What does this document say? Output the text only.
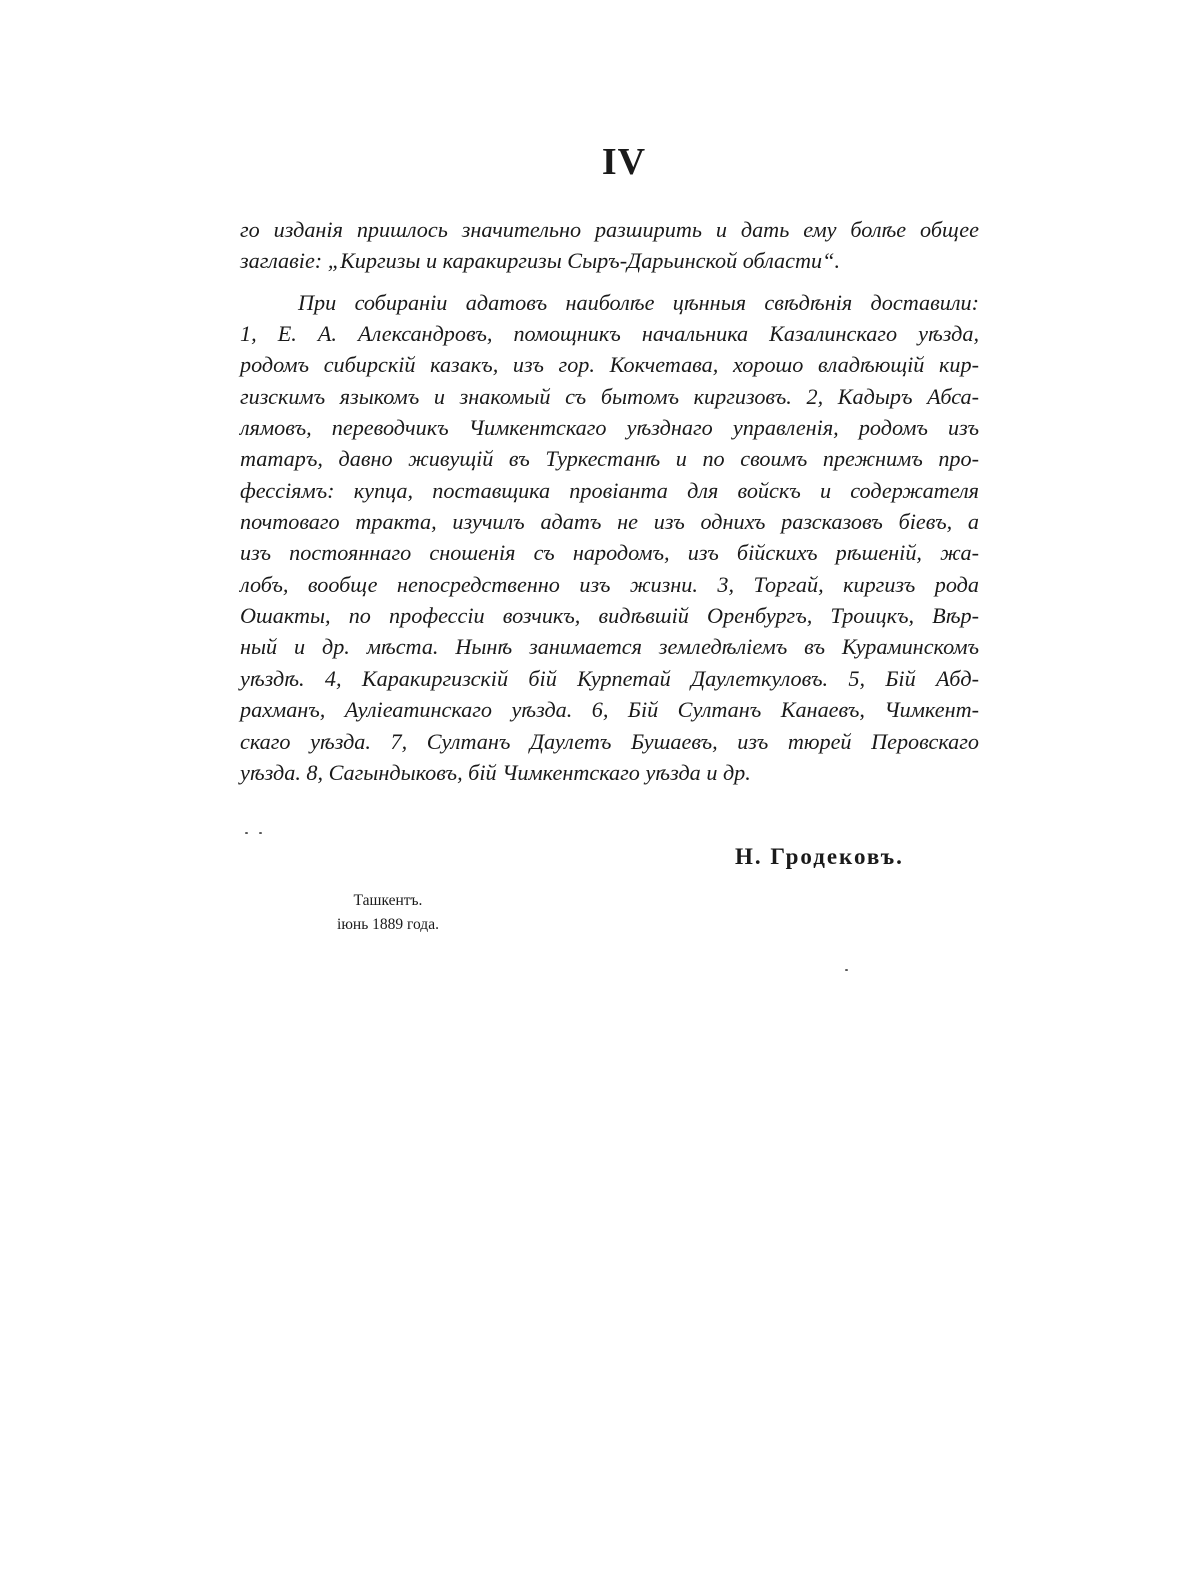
IV
го изданія пришлось значительно разширить и дать ему болѣе общее
заглавіе: „Киргизы и каракиргизы Сыръ-Дарьинской области“.
При собираніи адатовъ наиболѣе цѣнныя свѣдѣнія доставили:
1, Е. А. Александровъ, помощникъ начальника Казалинскаго уѣзда,
родомъ сибирскій казакъ, изъ гор. Кокчетава, хорошо владѣющій кир-
гизскимъ языкомъ и знакомый съ бытомъ киргизовъ. 2, Кадыръ Абса-
лямовъ, переводчикъ Чимкентскаго уѣзднаго управленія, родомъ изъ
татаръ, давно живущій въ Туркестанѣ и по своимъ прежнимъ про-
фессіямъ: купца, поставщика провіанта для войскъ и содержателя
почтоваго тракта, изучилъ адатъ не изъ однихъ разсказовъ біевъ, а
изъ постояннаго сношенія съ народомъ, изъ бійскихъ рѣшеній, жа-
лобъ, вообще непосредственно изъ жизни. 3, Торгай, киргизъ рода
Ошакты, по профессіи возчикъ, видѣвшій Оренбургъ, Троицкъ, Вѣр-
ный и др. мѣста. Нынѣ занимается земледѣліемъ въ Кураминскомъ
уѣздѣ. 4, Каракиргизскій бій Курпетай Даулеткуловъ. 5, Бій Абд-
рахманъ, Ауліеатинскаго уѣзда. 6, Бій Султанъ Канаевъ, Чимкент-
скаго уѣзда. 7, Султанъ Даулетъ Бушаевъ, изъ тюрей Перовскаго
уѣзда. 8, Сагындыковъ, бій Чимкентскаго уѣзда и др.
Н. Гродековъ.
Ташкентъ.
іюнь 1889 года.
